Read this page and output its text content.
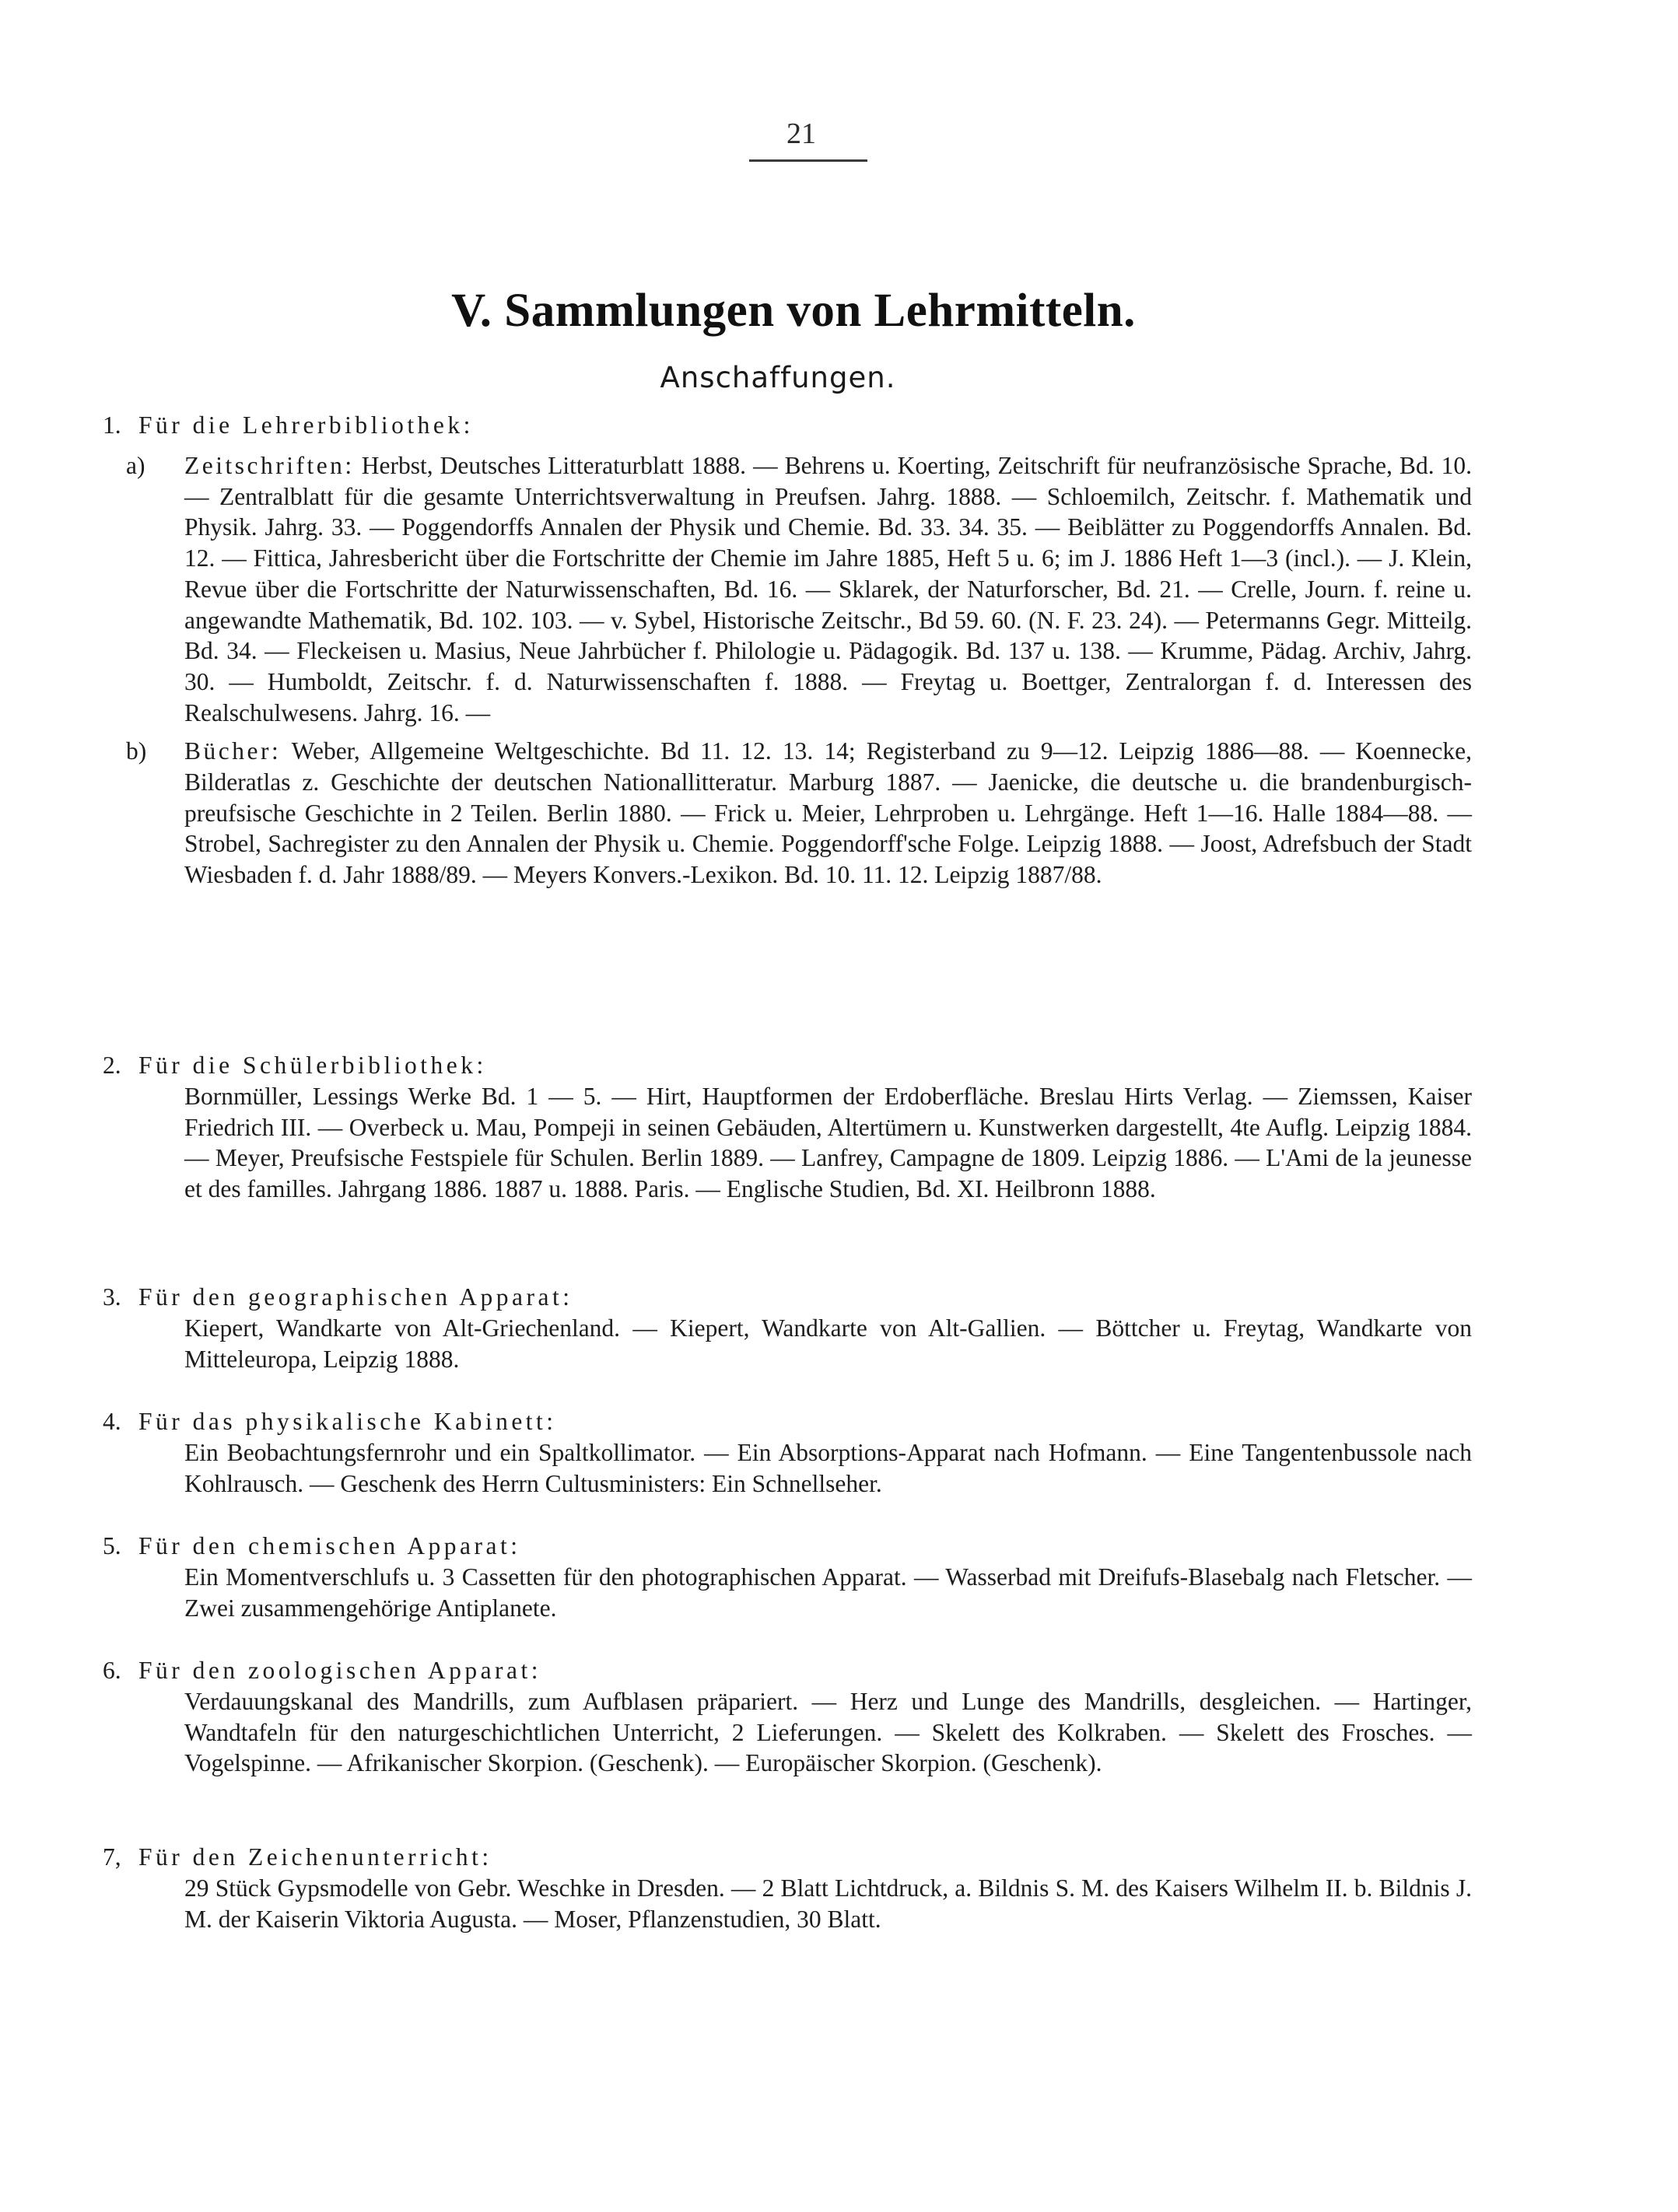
21
V. Sammlungen von Lehrmitteln.
Anschaffungen.
1. Für die Lehrerbibliothek:
a) Zeitschriften: Herbst, Deutsches Litteraturblatt 1888. — Behrens u. Koerting, Zeitschrift für neufranzösische Sprache, Bd. 10. — Zentralblatt für die gesamte Unterrichtsverwaltung in Preufsen. Jahrg. 1888. — Schloemilch, Zeitschr. f. Mathematik und Physik. Jahrg. 33. — Poggendorffs Annalen der Physik und Chemie. Bd. 33. 34. 35. — Beiblätter zu Poggendorffs Annalen. Bd. 12. — Fittica, Jahresbericht über die Fortschritte der Chemie im Jahre 1885, Heft 5 u. 6; im J. 1886 Heft 1—3 (incl.). — J. Klein, Revue über die Fortschritte der Naturwissenschaften, Bd. 16. — Sklarek, der Naturforscher, Bd. 21. — Crelle, Journ. f. reine u. angewandte Mathematik, Bd. 102. 103. — v. Sybel, Historische Zeitschr., Bd 59. 60. (N. F. 23. 24). — Petermanns Gegr. Mitteilg. Bd. 34. — Fleckeisen u. Masius, Neue Jahrbücher f. Philologie u. Pädagogik. Bd. 137 u. 138. — Krumme, Pädag. Archiv, Jahrg. 30. — Humboldt, Zeitschr. f. d. Naturwissenschaften f. 1888. — Freytag u. Boettger, Zentralorgan f. d. Interessen des Realschulwesens. Jahrg. 16. —
b) Bücher: Weber, Allgemeine Weltgeschichte. Bd 11. 12. 13. 14; Registerband zu 9—12. Leipzig 1886—88. — Koennecke, Bilderatlas z. Geschichte der deutschen Nationallitteratur. Marburg 1887. — Jaenicke, die deutsche u. die brandenburgisch-preufsische Geschichte in 2 Teilen. Berlin 1880. — Frick u. Meier, Lehrproben u. Lehrgänge. Heft 1—16. Halle 1884—88. — Strobel, Sachregister zu den Annalen der Physik u. Chemie. Poggendorff'sche Folge. Leipzig 1888. — Joost, Adrefsbuch der Stadt Wiesbaden f. d. Jahr 1888/89. — Meyers Konvers.-Lexikon. Bd. 10. 11. 12. Leipzig 1887/88.
2. Für die Schülerbibliothek:
Bornmüller, Lessings Werke Bd. 1 — 5. — Hirt, Hauptformen der Erdoberfläche. Breslau Hirts Verlag. — Ziemssen, Kaiser Friedrich III. — Overbeck u. Mau, Pompeji in seinen Gebäuden, Altertümern u. Kunstwerken dargestellt, 4te Auflg. Leipzig 1884. — Meyer, Preufsische Festspiele für Schulen. Berlin 1889. — Lanfrey, Campagne de 1809. Leipzig 1886. — L'Ami de la jeunesse et des familles. Jahrgang 1886. 1887 u. 1888. Paris. — Englische Studien, Bd. XI. Heilbronn 1888.
3. Für den geographischen Apparat:
Kiepert, Wandkarte von Alt-Griechenland. — Kiepert, Wandkarte von Alt-Gallien. — Böttcher u. Freytag, Wandkarte von Mitteleuropa, Leipzig 1888.
4. Für das physikalische Kabinett:
Ein Beobachtungsfernrohr und ein Spaltkollimator. — Ein Absorptions-Apparat nach Hofmann. — Eine Tangentenbussole nach Kohlrausch. — Geschenk des Herrn Cultusministers: Ein Schnellseher.
5. Für den chemischen Apparat:
Ein Momentverschlufs u. 3 Cassetten für den photographischen Apparat. — Wasserbad mit Dreifufs-Blasebalg nach Fletscher. — Zwei zusammengehörige Antiplanete.
6. Für den zoologischen Apparat:
Verdauungskanal des Mandrills, zum Aufblasen präpariert. — Herz und Lunge des Mandrills, desgleichen. — Hartinger, Wandtafeln für den naturgeschichtlichen Unterricht, 2 Lieferungen. — Skelett des Kolkraben. — Skelett des Frosches. — Vogelspinne. — Afrikanischer Skorpion. (Geschenk). — Europäischer Skorpion. (Geschenk).
7, Für den Zeichenunterricht:
29 Stück Gypsmodelle von Gebr. Weschke in Dresden. — 2 Blatt Lichtdruck, a. Bildnis S. M. des Kaisers Wilhelm II. b. Bildnis J. M. der Kaiserin Viktoria Augusta. — Moser, Pflanzenstudien, 30 Blatt.
